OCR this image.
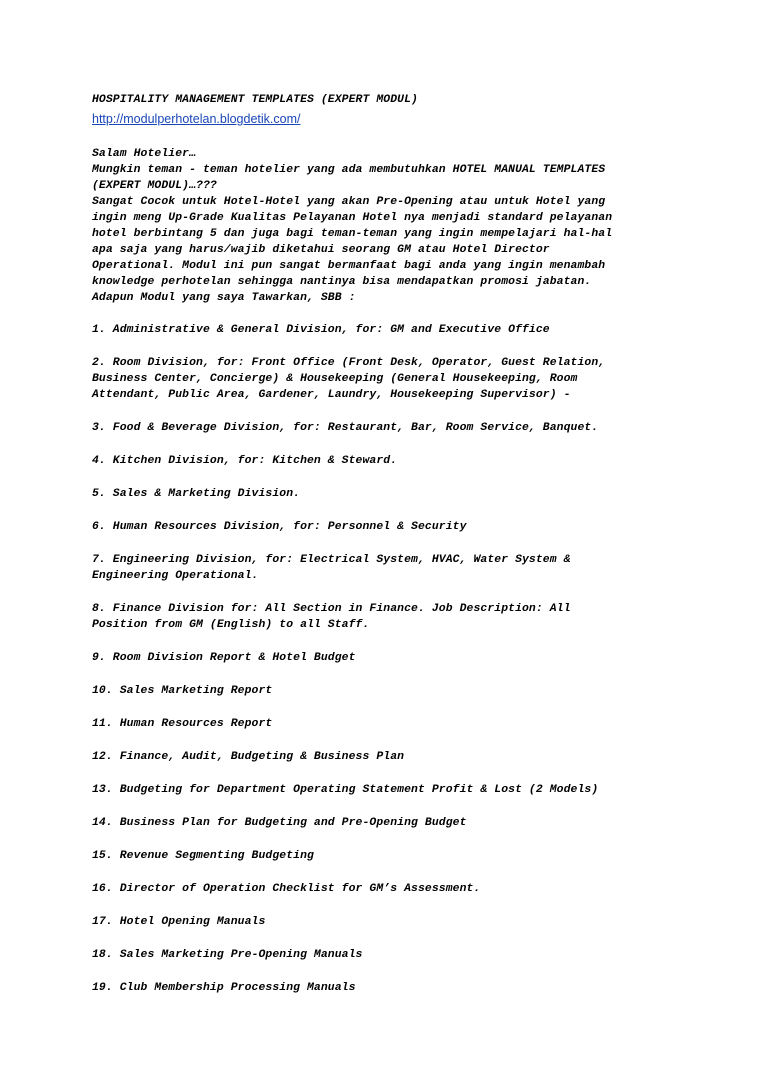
HOSPITALITY MANAGEMENT TEMPLATES (EXPERT MODUL)
http://modulperhotelan.blogdetik.com/
Salam Hotelier…
Mungkin teman - teman hotelier yang ada membutuhkan HOTEL MANUAL TEMPLATES
(EXPERT MODUL)…???
Sangat Cocok untuk Hotel-Hotel yang akan Pre-Opening atau untuk Hotel yang
ingin meng Up-Grade Kualitas Pelayanan Hotel nya menjadi standard pelayanan
hotel berbintang 5 dan juga bagi teman-teman yang ingin mempelajari hal-hal
apa saja yang harus/wajib diketahui seorang GM atau Hotel Director
Operational. Modul ini pun sangat bermanfaat bagi anda yang ingin menambah
knowledge perhotelan sehingga nantinya bisa mendapatkan promosi jabatan.
Adapun Modul yang saya Tawarkan, SBB :
1. Administrative & General Division, for: GM and Executive Office
2. Room Division, for: Front Office (Front Desk, Operator, Guest Relation,
Business Center, Concierge) & Housekeeping (General Housekeeping, Room
Attendant, Public Area, Gardener, Laundry, Housekeeping Supervisor) -
3. Food & Beverage Division, for: Restaurant, Bar, Room Service, Banquet.
4. Kitchen Division, for: Kitchen & Steward.
5. Sales & Marketing Division.
6. Human Resources Division, for: Personnel & Security
7. Engineering Division, for: Electrical System, HVAC, Water System &
Engineering Operational.
8. Finance Division for: All Section in Finance. Job Description: All
Position from GM (English) to all Staff.
9. Room Division Report & Hotel Budget
10. Sales Marketing Report
11. Human Resources Report
12. Finance, Audit, Budgeting & Business Plan
13. Budgeting for Department Operating Statement Profit & Lost (2 Models)
14. Business Plan for Budgeting and Pre-Opening Budget
15. Revenue Segmenting Budgeting
16. Director of Operation Checklist for GM’s Assessment.
17. Hotel Opening Manuals
18. Sales Marketing Pre-Opening Manuals
19. Club Membership Processing Manuals
